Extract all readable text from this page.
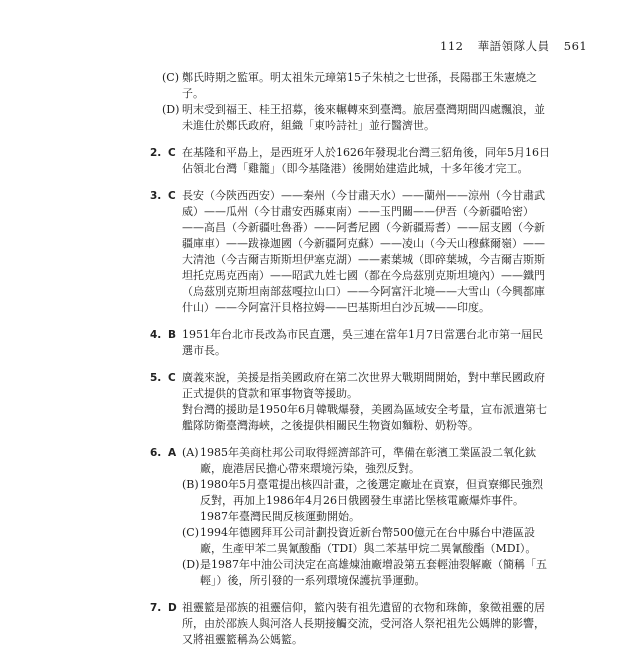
112 華語領隊人員 561
(C) 鄭氏時期之監軍。明太祖朱元璋第15子朱楨之七世孫，長陽郡王朱憲燒之子。

(D) 明末受到福王、桂王招募，後來輾轉來到臺灣。旅居臺灣期間四處飄浪，並未進仕於鄭氏政府，組織「東吟詩社」並行醫濟世。

2. C 在基隆和平島上，是西班牙人於1626年發現北台灣三貂角後，同年5月16日佔領北台灣「雞籠」（即今基隆港）後開始建造此城，十多年後才完工。

3. C 長安（今陝西西安）——秦州（今甘肅天水）——蘭州——涼州（今甘肅武威）——瓜州（今甘肅安西縣東南）——玉門關——伊吾（今新疆哈密）——高昌（今新疆吐魯番）——阿耆尼國（今新疆焉耆）——屈支國（今新疆庫車）——跋祿迦國（今新疆阿克蘇）——凌山（今天山穆蘇爾嶺）——大清池（今吉爾吉斯斯坦伊塞克湖）——素葉城（即碎葉城，今吉爾吉斯斯坦托克馬克西南）——昭武九姓七國（都在今烏茲別克斯坦境內）——鐵門（烏茲別克斯坦南部茲嘎拉山口）——今阿富汗北境——大雪山（今興都庫什山）——今阿富汗貝格拉姆——巴基斯坦白沙瓦城——印度。

4. B 1951年台北市長改為市民直選，吳三連在當年1月7日當選台北市第一屆民選市長。

5. C 廣義來說，美援是指美國政府在第二次世界大戰期間開始，對中華民國政府正式提供的貸款和軍事物資等援助。

對台灣的援助是1950年6月韓戰爆發，美國為區域安全考量，宣布派遣第七艦隊防衛臺灣海峽，之後提供相關民生物資如麵粉、奶粉等。

6. A (A) 1985年美商杜邦公司取得經濟部許可，準備在彰濱工業區設二氧化鈦廠，鹿港居民擔心帶來環境污染，強烈反對。

(B) 1980年5月臺電提出核四計畫，之後選定廠址在貢寮，但貢寮鄉民強烈反對，再加上1986年4月26日俄國發生車諾比堡核電廠爆炸事件。1987年臺灣民間反核運動開始。

(C) 1994年德國拜耳公司計劃投資近新台幣500億元在台中縣台中港區設廠，生產甲苯二異氰酸酯（TDI）與二苯基甲烷二異氰酸酯（MDI）。

(D) 是1987年中油公司決定在高雄煉油廠增設第五套輕油裂解廠（簡稱「五輕」）後，所引發的一系列環境保護抗爭運動。

7. D 祖靈籃是邵族的祖靈信仰，籃內裝有祖先遺留的衣物和珠飾，象徵祖靈的居所，由於邵族人與河洛人長期接觸交流，受河洛人祭祀祖先公媽牌的影響，又將祖靈籃稱為公媽籃。
